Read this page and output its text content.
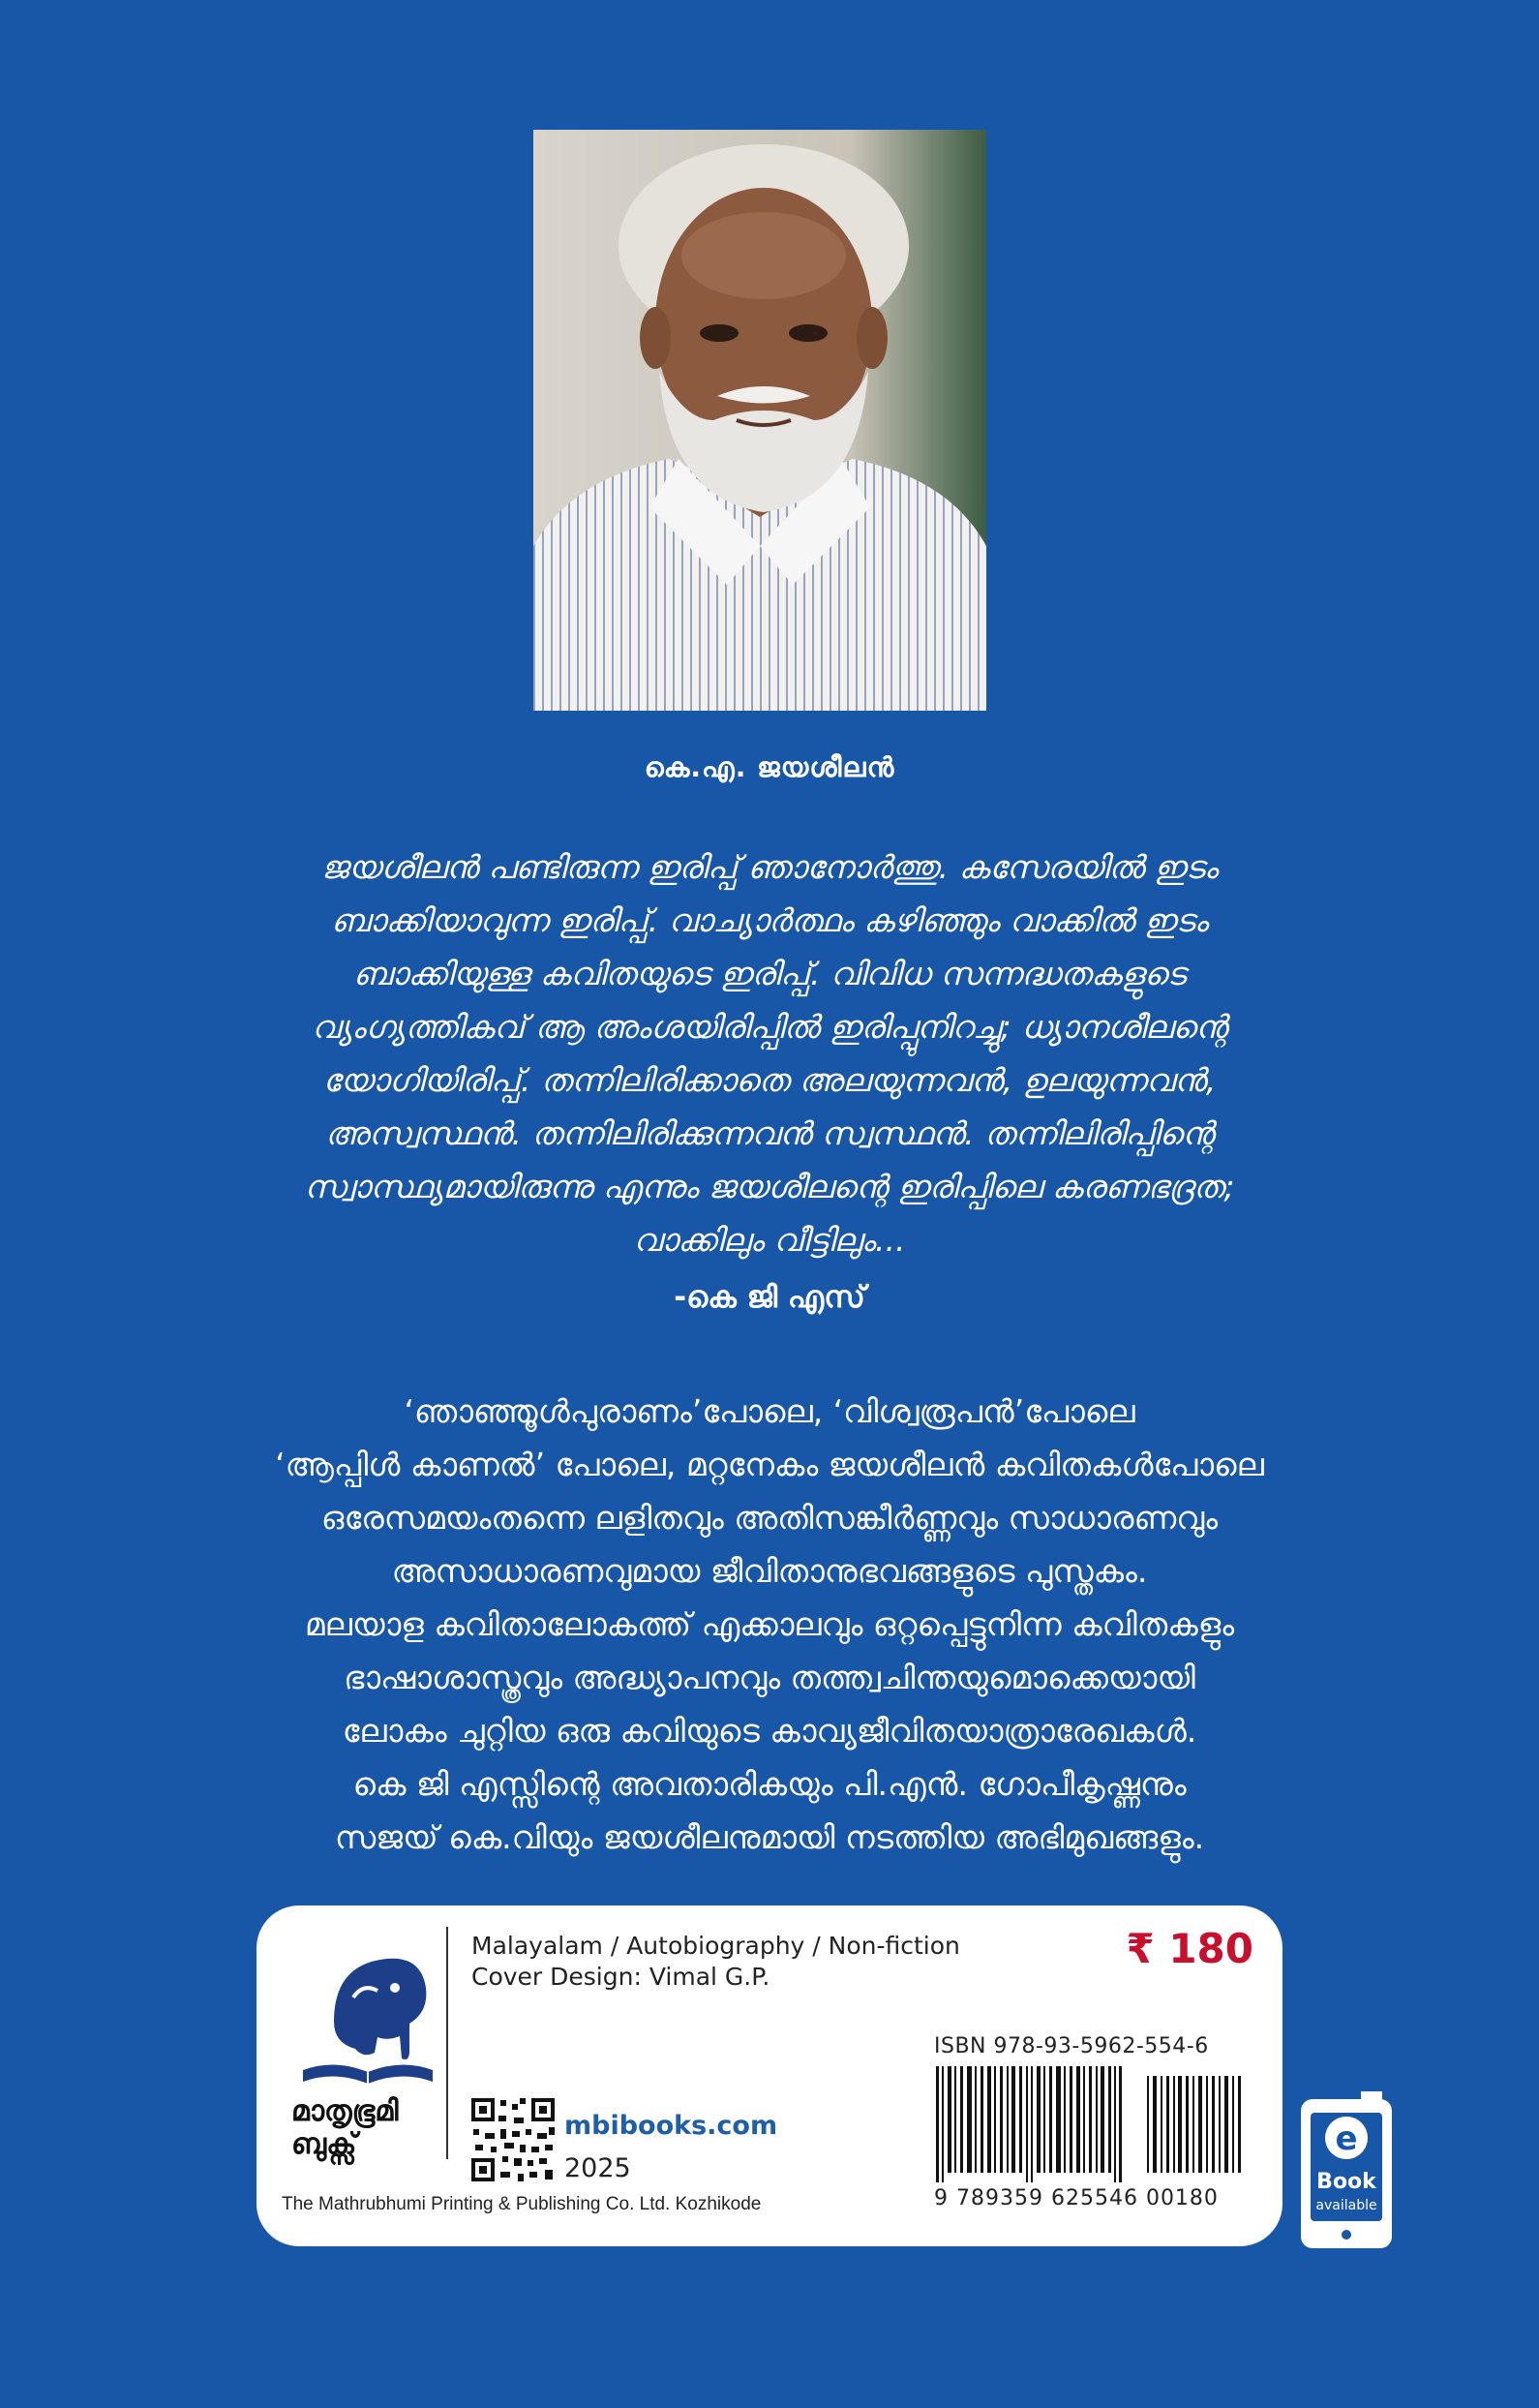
കെ.എ. ജയശീലൻ
ജയശീലൻ പണ്ടിരുന്ന ഇരിപ്പ് ഞാനോർത്തു. കസേരയിൽ ഇടം
ബാക്കിയാവുന്ന ഇരിപ്പ്. വാച്യാർത്ഥം കഴിഞ്ഞും വാക്കിൽ ഇടം
ബാക്കിയുള്ള കവിതയുടെ ഇരിപ്പ്. വിവിധ സന്നദ്ധതകളുടെ
വ്യംഗ്യത്തികവ് ആ അംശയിരിപ്പിൽ ഇരിപ്പുനിറച്ചു; ധ്യാനശീലന്റെ
യോഗിയിരിപ്പ്. തന്നിലിരിക്കാതെ അലയുന്നവൻ, ഉലയുന്നവൻ,
അസ്വസ്ഥൻ. തന്നിലിരിക്കുന്നവൻ സ്വസ്ഥൻ. തന്നിലിരിപ്പിന്റെ
സ്വാസ്ഥ്യമായിരുന്നു എന്നും ജയശീലന്റെ ഇരിപ്പിലെ കരണഭദ്രത;
വാക്കിലും വീട്ടിലും...
-കെ ജി എസ്
‘ഞാഞ്ഞൂൾപുരാണം’പോലെ, ‘വിശ്വരൂപൻ’പോലെ
‘ആപ്പിൾ കാണൽ’ പോലെ, മറ്റനേകം ജയശീലൻ കവിതകൾപോലെ
ഒരേസമയംതന്നെ ലളിതവും അതിസങ്കീർണ്ണവും സാധാരണവും
അസാധാരണവുമായ ജീവിതാനുഭവങ്ങളുടെ പുസ്തകം.
മലയാള കവിതാലോകത്ത് എക്കാലവും ഒറ്റപ്പെട്ടുനിന്ന കവിതകളും
ഭാഷാശാസ്ത്രവും അദ്ധ്യാപനവും തത്ത്വചിന്തയുമൊക്കെയായി
ലോകം ചുറ്റിയ ഒരു കവിയുടെ കാവ്യജീവിതയാത്രാരേഖകൾ.
കെ ജി എസ്സിന്റെ അവതാരികയും പി.എൻ. ഗോപീകൃഷ്ണനും
സജയ് കെ.വിയും ജയശീലനുമായി നടത്തിയ അഭിമുഖങ്ങളും.
മാതൃഭൂമി
ബുക്സ്
Malayalam / Autobiography / Non-fiction
Cover Design: Vimal G.P.
₹ 180
ISBN 978-93-5962-554-6
9 789359 625546 00180
mbibooks.com
2025
The Mathrubhumi Printing & Publishing Co. Ltd. Kozhikode
e
Book
available
